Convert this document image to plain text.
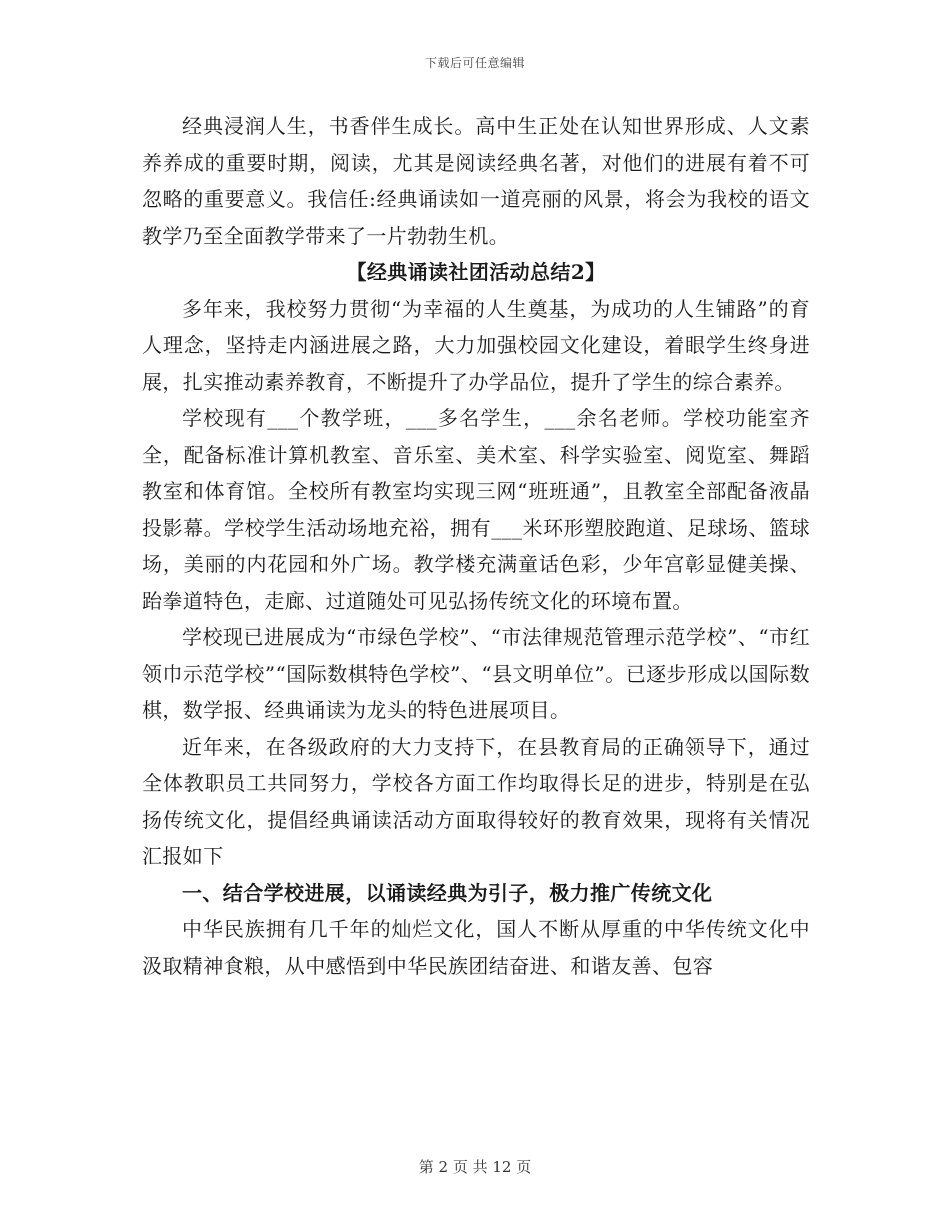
下载后可任意编辑

经典浸润人生，书香伴生成长。高中生正处在认知世界形成、人文素养养成的重要时期，阅读，尤其是阅读经典名著，对他们的进展有着不可忽略的重要意义。我信任:经典诵读如一道亮丽的风景，将会为我校的语文教学乃至全面教学带来了一片勃勃生机。

【经典诵读社团活动总结2】

多年来，我校努力贯彻“为幸福的人生奠基，为成功的人生铺路”的育人理念，坚持走内涵进展之路，大力加强校园文化建设，着眼学生终身进展，扎实推动素养教育，不断提升了办学品位，提升了学生的综合素养。

学校现有___个教学班，___多名学生，___余名老师。学校功能室齐全，配备标准计算机教室、音乐室、美术室、科学实验室、阅览室、舞蹈教室和体育馆。全校所有教室均实现三网“班班通”，且教室全部配备液晶投影幕。学校学生活动场地充裕，拥有___米环形塑胶跑道、足球场、篮球场，美丽的内花园和外广场。教学楼充满童话色彩，少年宫彰显健美操、跆拳道特色，走廊、过道随处可见弘扬传统文化的环境布置。

学校现已进展成为“市绿色学校”、“市法律规范管理示范学校”、“市红领巾示范学校”“国际数棋特色学校”、“县文明单位”。已逐步形成以国际数棋，数学报、经典诵读为龙头的特色进展项目。

近年来，在各级政府的大力支持下，在县教育局的正确领导下，通过全体教职员工共同努力，学校各方面工作均取得长足的进步，特别是在弘扬传统文化，提倡经典诵读活动方面取得较好的教育效果，现将有关情况汇报如下

一、结合学校进展，以诵读经典为引子，极力推广传统文化

中华民族拥有几千年的灿烂文化，国人不断从厚重的中华传统文化中汲取精神食粮，从中感悟到中华民族团结奋进、和谐友善、包容

第 2 页 共 12 页
